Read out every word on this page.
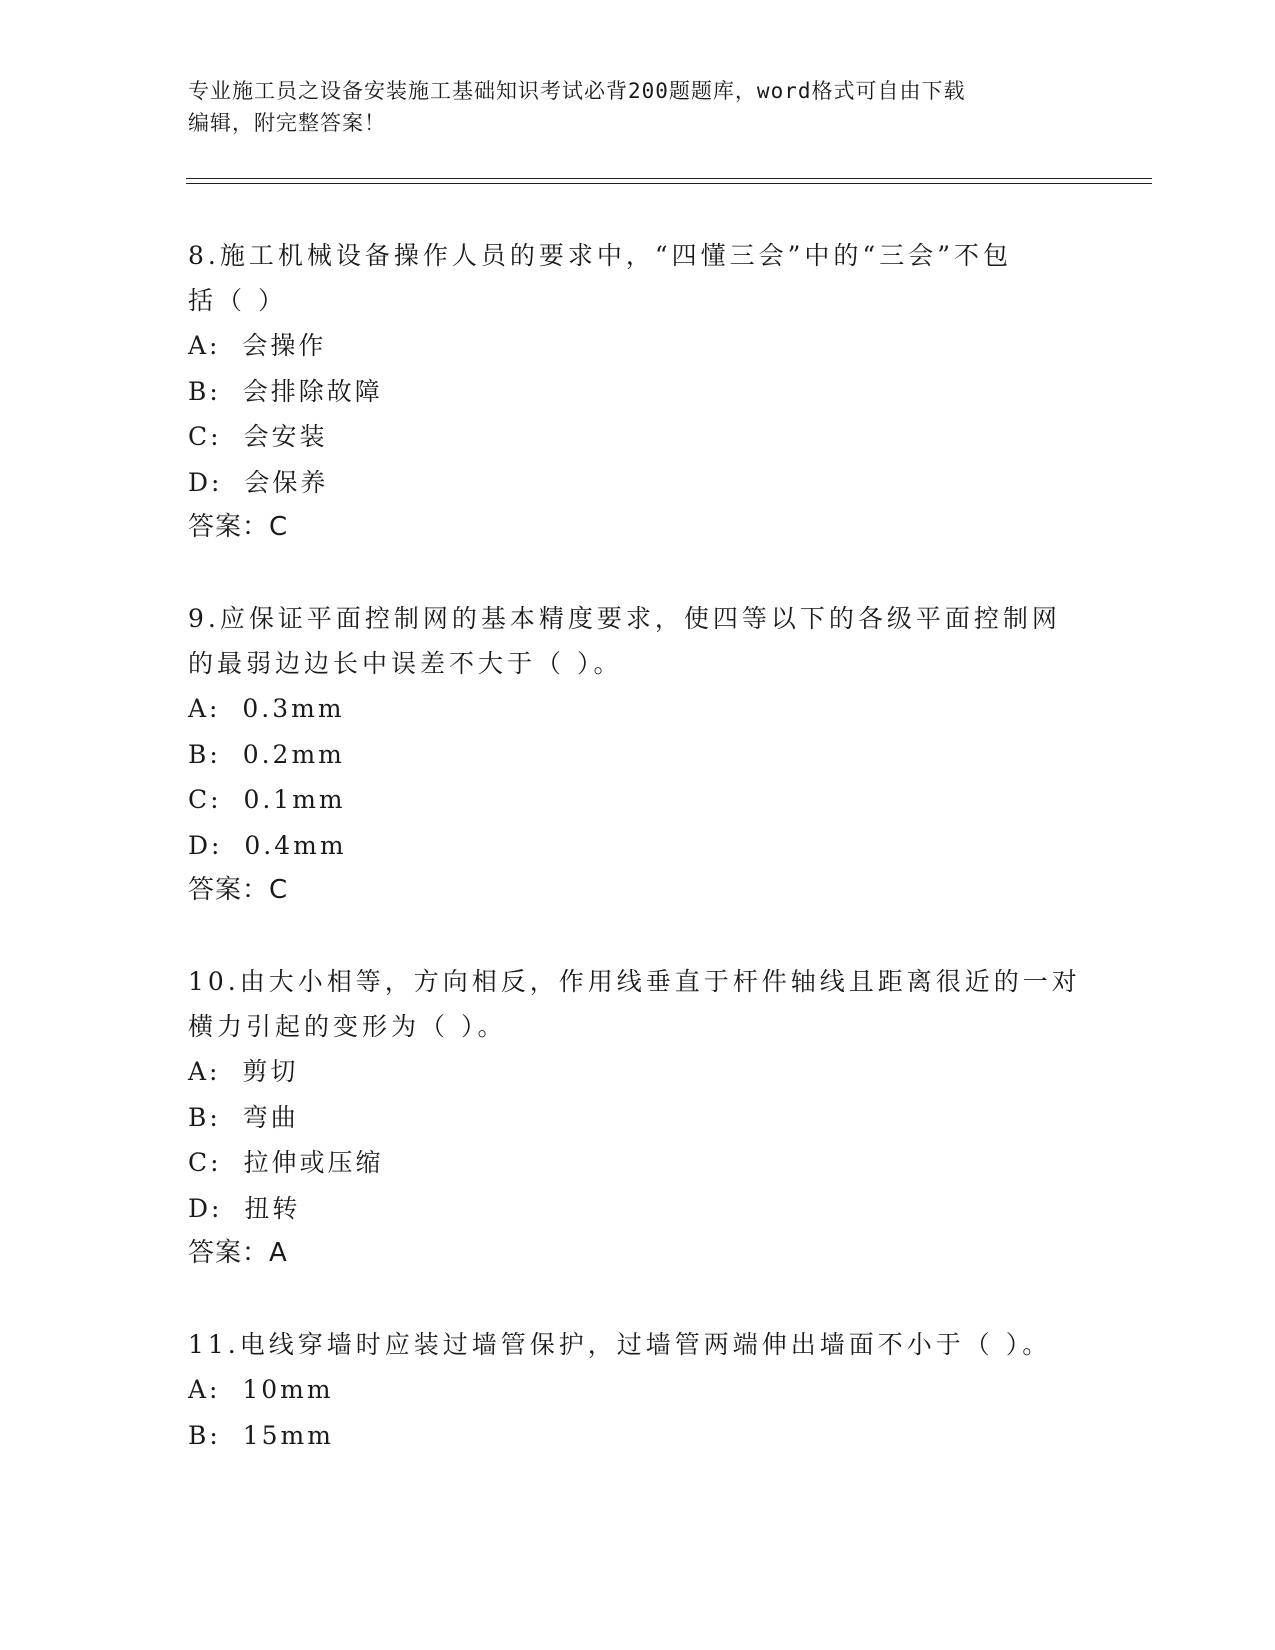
专业施工员之设备安装施工基础知识考试必背200题题库，word格式可自由下载
编辑，附完整答案！
8.施工机械设备操作人员的要求中，“四懂三会”中的“三会”不包
括（ ）
A:  会操作
B:  会排除故障
C:  会安装
D:  会保养
答案：C
9.应保证平面控制网的基本精度要求，使四等以下的各级平面控制网
的最弱边边长中误差不大于（ ）。
A:  0.3mm
B:  0.2mm
C:  0.1mm
D:  0.4mm
答案：C
10.由大小相等，方向相反，作用线垂直于杆件轴线且距离很近的一对
横力引起的变形为（ ）。
A:  剪切
B:  弯曲
C:  拉伸或压缩
D:  扭转
答案：A
11.电线穿墙时应装过墙管保护，过墙管两端伸出墙面不小于（ ）。
A:  10mm
B:  15mm
